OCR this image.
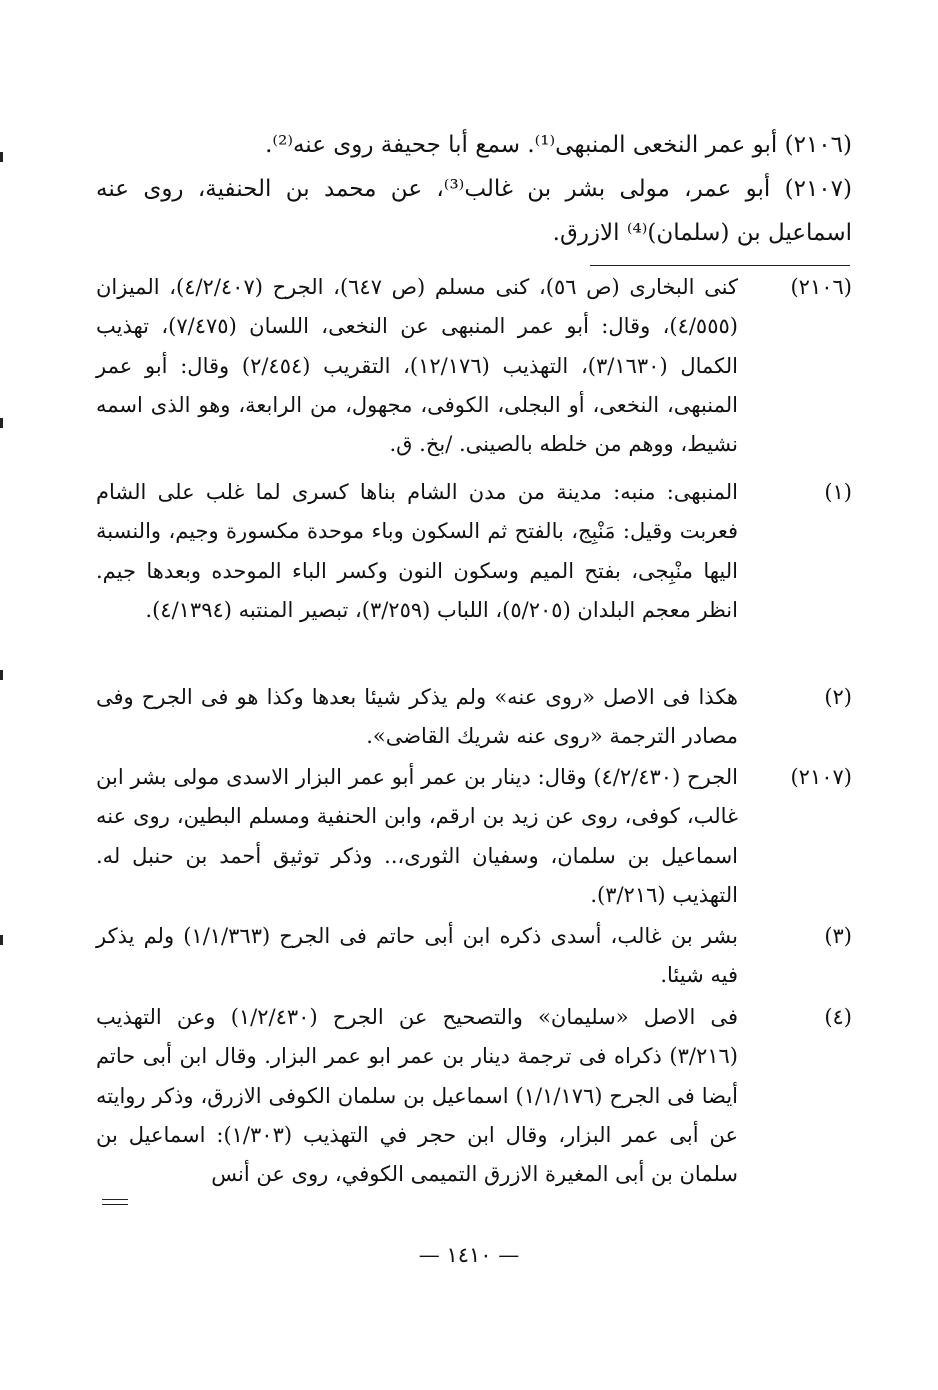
(٢١٠٦) أبو عمر النخعى المنبهى⁽¹⁾. سمع أبا جحيفة روى عنه⁽²⁾.

(٢١٠٧) أبو عمر، مولى بشر بن غالب⁽³⁾، عن محمد بن الحنفية، روى عنه اسماعيل بن (سلمان)⁽⁴⁾ الازرق.

(٢١٠٦)
كنى البخارى (ص ٥٦)، كنى مسلم (ص ٦٤٧)، الجرح (٤/٢/٤٠٧)، الميزان (٤/٥٥٥)، وقال: أبو عمر المنبهى عن النخعى، اللسان (٧/٤٧٥)، تهذيب الكمال (٣/١٦٣٠)، التهذيب (١٢/١٧٦)، التقريب (٢/٤٥٤) وقال: أبو عمر المنبهى، النخعى، أو البجلى، الكوفى، مجهول، من الرابعة، وهو الذى اسمه نشيط، ووهم من خلطه بالصينى. /بخ. ق.
(١)
المنبهى: منبه: مدينة من مدن الشام بناها كسرى لما غلب على الشام فعربت وقيل: مَنْبِج، بالفتح ثم السكون وباء موحدة مكسورة وجيم، والنسبة اليها منْبِجى، بفتح الميم وسكون النون وكسر الباء الموحده وبعدها جيم. انظر معجم البلدان (٥/٢٠٥)، اللباب (٣/٢٥٩)، تبصير المنتبه (٤/١٣٩٤).
(٢)
هكذا فى الاصل «روى عنه» ولم يذكر شيئا بعدها وكذا هو فى الجرح وفى مصادر الترجمة «روى عنه شريك القاضى».
(٢١٠٧)
الجرح (٤/٢/٤٣٠) وقال: دينار بن عمر أبو عمر البزار الاسدى مولى بشر ابن غالب، كوفى، روى عن زيد بن ارقم، وابن الحنفية ومسلم البطين، روى عنه اسماعيل بن سلمان، وسفيان الثورى،.. وذكر توثيق أحمد بن حنبل له. التهذيب (٣/٢١٦).
(٣)
بشر بن غالب، أسدى ذكره ابن أبى حاتم فى الجرح (١/١/٣٦٣) ولم يذكر فيه شيئا.
(٤)
فى الاصل «سليمان» والتصحيح عن الجرح (١/٢/٤٣٠) وعن التهذيب (٣/٢١٦) ذكراه فى ترجمة دينار بن عمر ابو عمر البزار. وقال ابن أبى حاتم أيضا فى الجرح (١/١/١٧٦) اسماعيل بن سلمان الكوفى الازرق، وذكر روايته عن أبى عمر البزار، وقال ابن حجر في التهذيب (١/٣٠٣): اسماعيل بن سلمان بن أبى المغيرة الازرق التميمى الكوفي، روى عن أنس
— ١٤١٠ —
